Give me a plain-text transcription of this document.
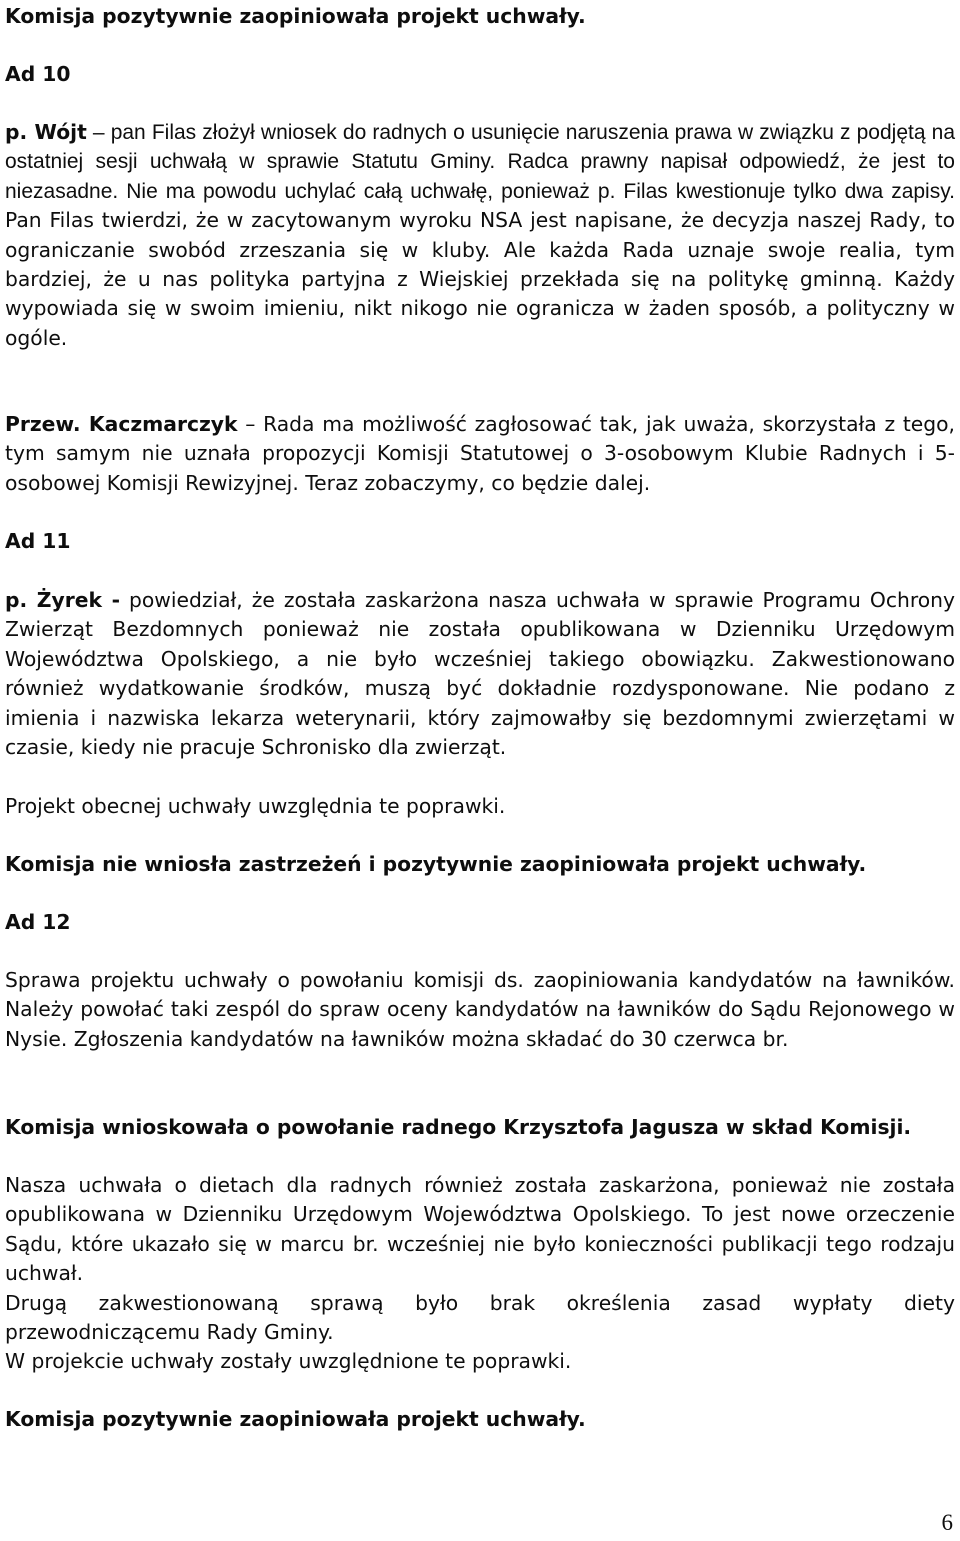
Komisja pozytywnie zaopiniowała projekt uchwały.

Ad 10

p. Wójt – pan Filas złożył wniosek do radnych o usunięcie naruszenia prawa w związku z podjętą na ostatniej sesji uchwałą w sprawie Statutu Gminy. Radca prawny napisał odpowiedź, że jest to niezasadne. Nie ma powodu uchylać całą uchwałę, ponieważ p. Filas kwestionuje tylko dwa zapisy. Pan Filas twierdzi, że w zacytowanym wyroku NSA jest napisane, że decyzja naszej Rady, to ograniczanie swobód zrzeszania się w kluby. Ale każda Rada uznaje swoje realia, tym bardziej, że u nas polityka partyjna z Wiejskiej przekłada się na politykę gminną. Każdy wypowiada się w swoim imieniu, nikt nikogo nie ogranicza w żaden sposób, a polityczny w ogóle.

Przew. Kaczmarczyk – Rada ma możliwość zagłosować tak, jak uważa, skorzystała z tego, tym samym nie uznała propozycji Komisji Statutowej o 3-osobowym Klubie Radnych i 5-osobowej Komisji Rewizyjnej. Teraz zobaczymy, co będzie dalej.

Ad 11

p. Żyrek - powiedział, że została zaskarżona nasza uchwała w sprawie Programu Ochrony Zwierząt Bezdomnych ponieważ nie została opublikowana w Dzienniku Urzędowym Województwa Opolskiego, a nie było wcześniej takiego obowiązku. Zakwestionowano również wydatkowanie środków, muszą być dokładnie rozdysponowane. Nie podano z imienia i nazwiska lekarza weterynarii, który zajmowałby się bezdomnymi zwierzętami w czasie, kiedy nie pracuje Schronisko dla zwierząt.

Projekt obecnej uchwały uwzględnia te poprawki.

Komisja nie wniosła zastrzeżeń i pozytywnie zaopiniowała projekt uchwały.

Ad 12

Sprawa projektu uchwały o powołaniu komisji ds. zaopiniowania kandydatów na ławników. Należy powołać taki zespól do spraw oceny kandydatów na ławników do Sądu Rejonowego w Nysie. Zgłoszenia kandydatów na ławników można składać do 30 czerwca br.

Komisja wnioskowała o powołanie radnego Krzysztofa Jagusza w skład Komisji.

Nasza uchwała o dietach dla radnych również została zaskarżona, ponieważ nie została opublikowana w Dzienniku Urzędowym Województwa Opolskiego. To jest nowe orzeczenie Sądu, które ukazało się w marcu br. wcześniej nie było konieczności publikacji tego rodzaju uchwał.

Drugą zakwestionowaną sprawą było brak określenia zasad wypłaty diety przewodniczącemu Rady Gminy.

W projekcie uchwały zostały uwzględnione te poprawki.

Komisja pozytywnie zaopiniowała projekt uchwały.

6
